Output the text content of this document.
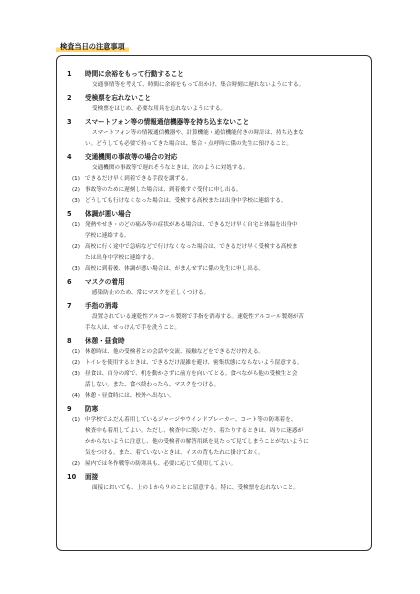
検査当日の注意事項
1 時間に余裕をもって行動すること
交通事情等を考えて、時間に余裕をもって出かけ、集合時刻に遅れないようにする。
2 受検票を忘れないこと
受検票をはじめ、必要な用具を忘れないようにする。
3 スマートフォン等の情報通信機器等を持ち込まないこと
スマートフォン等の情報通信機器や、計算機能・通信機能付きの時計は、持ち込まな
い。どうしても必要で持ってきた場合は、集合・点呼時に係の先生に預けること。
4 交通機関の事故等の場合の対応
交通機関の事故等で遅れそうなときは、次のように対処する。
(1) できるだけ早く到着できる手段を講ずる。
(2) 事故等のために遅刻した場合は、到着後すぐ受付に申し出る。
(3) どうしても行けなくなった場合は、受検する高校または出身中学校に連絡する。
5 体調が悪い場合
(1) 発熱やせき・のどの痛み等の症状がある場合は、できるだけ早く自宅と体温を出身中
学校に連絡する。
(2) 高校に行く途中で急病などで行けなくなった場合は、できるだけ早く受検する高校ま
たは出身中学校に連絡する。
(3) 高校に到着後、体調が悪い場合は、がまんせずに係の先生に申し出る。
6 マスクの着用
感染防止のため、常にマスクを正しくつける。
7 手指の消毒
設置されている速乾性アルコール製剤で手指を消毒する。速乾性アルコール製剤が苦
手な人は、せっけんで手を洗うこと。
8 休憩・昼食時
(1) 休憩時は、他の受検者との会話や交流、接触などをできるだけ控える。
(2) トイレを使用するときは、できるだけ混雑を避け、密集状態にならないよう留意する。
(3) 昼食は、自分の席で、机を動かさずに前方を向いてとる。食べながら他の受検生と会
話しない。また、食べ終わったら、マスクをつける。
(4) 休憩・昼食時には、校外へ出ない。
9 防寒
(1) 中学校でふだん着用しているジャージやウインドブレーカー、コート等の防寒着を、
検査中も着用してよい。ただし、検査中に脱いだり、着たりするときは、周りに迷惑が
かからないように注意し、他の受検者の解答用紙を見たって見てしまうことがないように
気をつける。また、着ていないときは、イスの背もたれに掛けておく。
(2) 屋内では冬作戦等の防寒具も、必要に応じて使用してよい。
10 面接
面接においても、上の１から９のことに留意する。特に、受検票を忘れないこと。
